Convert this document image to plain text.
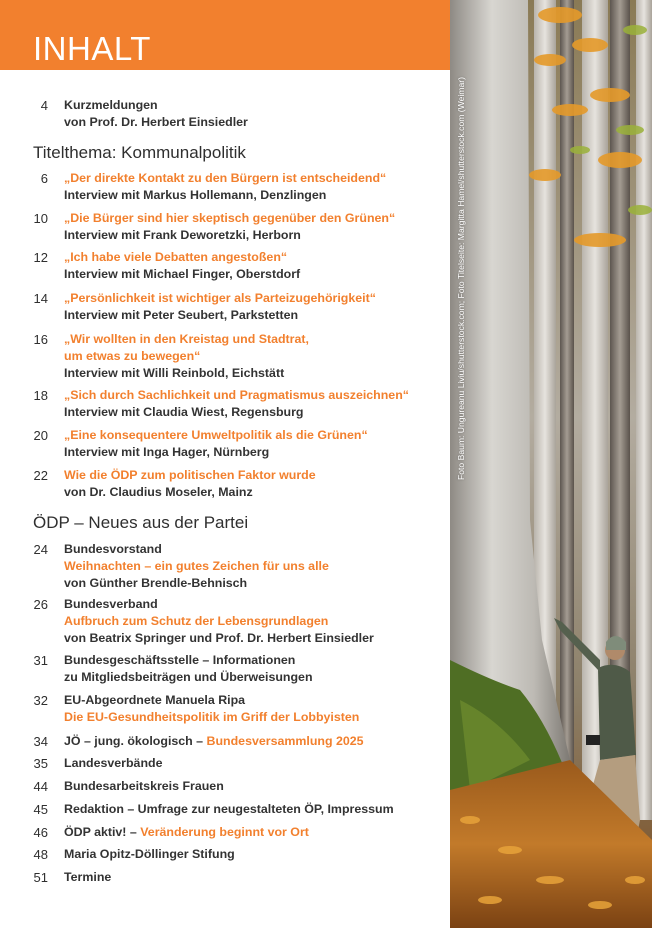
INHALT
4 Kurzmeldungen
von Prof. Dr. Herbert Einsiedler
Titelthema: Kommunalpolitik
6 „Der direkte Kontakt zu den Bürgern ist entscheidend“
Interview mit Markus Hollemann, Denzlingen
10 „Die Bürger sind hier skeptisch gegenüber den Grünen“
Interview mit Frank Deworetzki, Herborn
12 „Ich habe viele Debatten angestoßen“
Interview mit Michael Finger, Oberstdorf
14 „Persönlichkeit ist wichtiger als Parteizugehörigkeit“
Interview mit Peter Seubert, Parkstetten
16 „Wir wollten in den Kreistag und Stadtrat,
um etwas zu bewegen“
Interview mit Willi Reinbold, Eichstätt
18 „Sich durch Sachlichkeit und Pragmatismus auszeichnen“
Interview mit Claudia Wiest, Regensburg
20 „Eine konsequentere Umweltpolitik als die Grünen“
Interview mit Inga Hager, Nürnberg
22 Wie die ÖDP zum politischen Faktor wurde
von Dr. Claudius Moseler, Mainz
ÖDP – Neues aus der Partei
24 Bundesvorstand
Weihnachten – ein gutes Zeichen für uns alle
von Günther Brendle-Behnisch
26 Bundesverband
Aufbruch zum Schutz der Lebensgrundlagen
von Beatrix Springer und Prof. Dr. Herbert Einsiedler
31 Bundesgeschäftsstelle – Informationen
zu Mitgliedsbeiträgen und Überweisungen
32 EU-Abgeordnete Manuela Ripa
Die EU-Gesundheitspolitik im Griff der Lobbyisten
34 JÖ – jung. ökologisch – Bundesversammlung 2025
35 Landesverbände
44 Bundesarbeitskreis Frauen
45 Redaktion – Umfrage zur neugestalteten ÖP, Impressum
46 ÖDP aktiv! – Veränderung beginnt vor Ort
48 Maria Opitz-Döllinger Stifung
51 Termine
Foto Baum: Ungureanu Liviu/shutterstock.com; Foto Titelseite: Margitta Hamel/shutterstock.com (Weimar)
